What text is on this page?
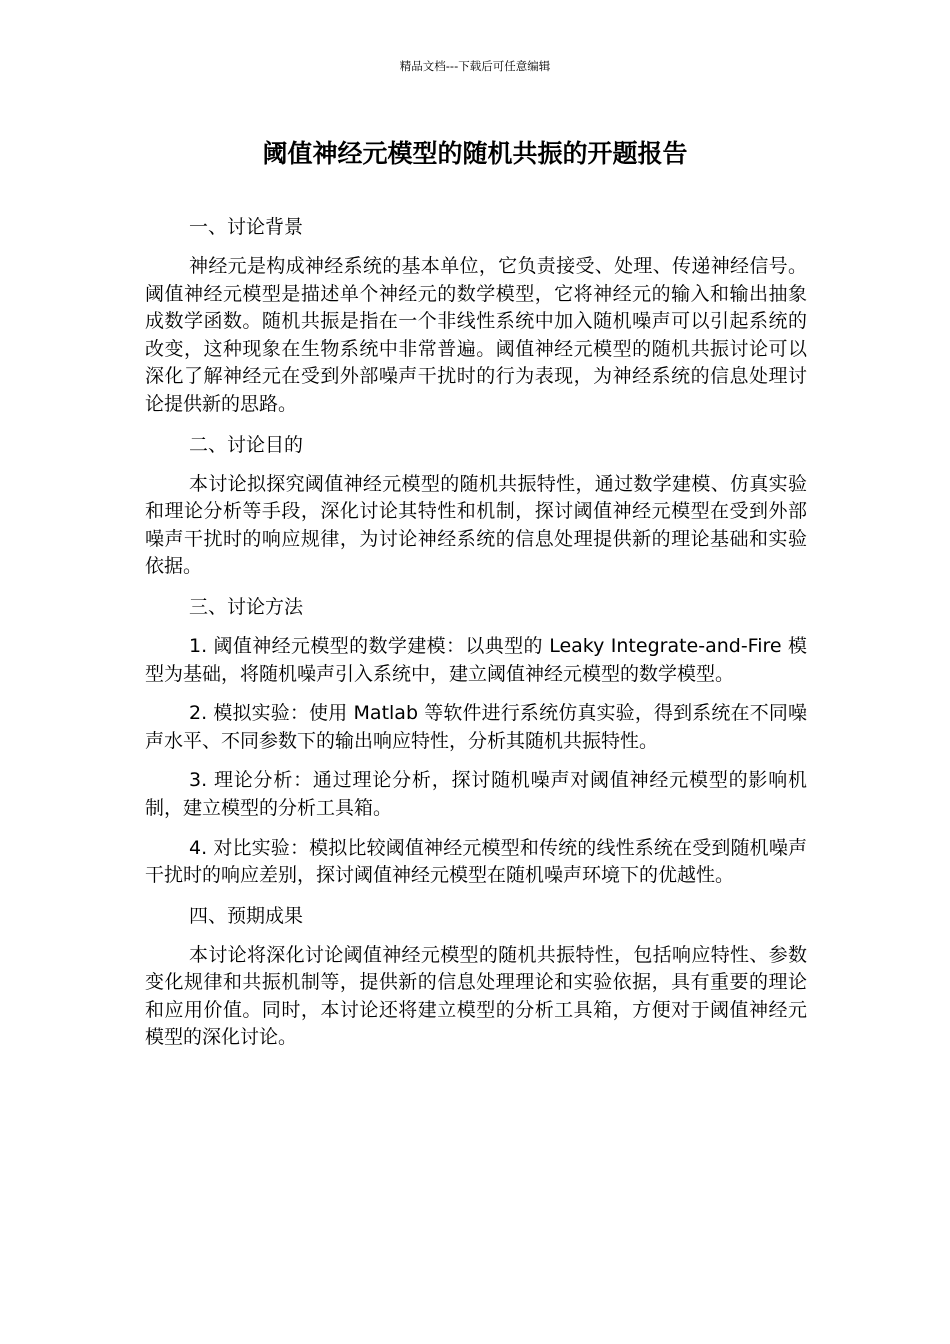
精品文档---下载后可任意编辑
阈值神经元模型的随机共振的开题报告
一、讨论背景

神经元是构成神经系统的基本单位，它负责接受、处理、传递神经信号。阈值神经元模型是描述单个神经元的数学模型，它将神经元的输入和输出抽象成数学函数。随机共振是指在一个非线性系统中加入随机噪声可以引起系统的改变，这种现象在生物系统中非常普遍。阈值神经元模型的随机共振讨论可以深化了解神经元在受到外部噪声干扰时的行为表现，为神经系统的信息处理讨论提供新的思路。

二、讨论目的

本讨论拟探究阈值神经元模型的随机共振特性，通过数学建模、仿真实验和理论分析等手段，深化讨论其特性和机制，探讨阈值神经元模型在受到外部噪声干扰时的响应规律，为讨论神经系统的信息处理提供新的理论基础和实验依据。

三、讨论方法

1. 阈值神经元模型的数学建模：以典型的 Leaky Integrate-and-Fire 模型为基础，将随机噪声引入系统中，建立阈值神经元模型的数学模型。

2. 模拟实验：使用 Matlab 等软件进行系统仿真实验，得到系统在不同噪声水平、不同参数下的输出响应特性，分析其随机共振特性。

3. 理论分析：通过理论分析，探讨随机噪声对阈值神经元模型的影响机制，建立模型的分析工具箱。

4. 对比实验：模拟比较阈值神经元模型和传统的线性系统在受到随机噪声干扰时的响应差别，探讨阈值神经元模型在随机噪声环境下的优越性。

四、预期成果

本讨论将深化讨论阈值神经元模型的随机共振特性，包括响应特性、参数变化规律和共振机制等，提供新的信息处理理论和实验依据，具有重要的理论和应用价值。同时，本讨论还将建立模型的分析工具箱，方便对于阈值神经元模型的深化讨论。
